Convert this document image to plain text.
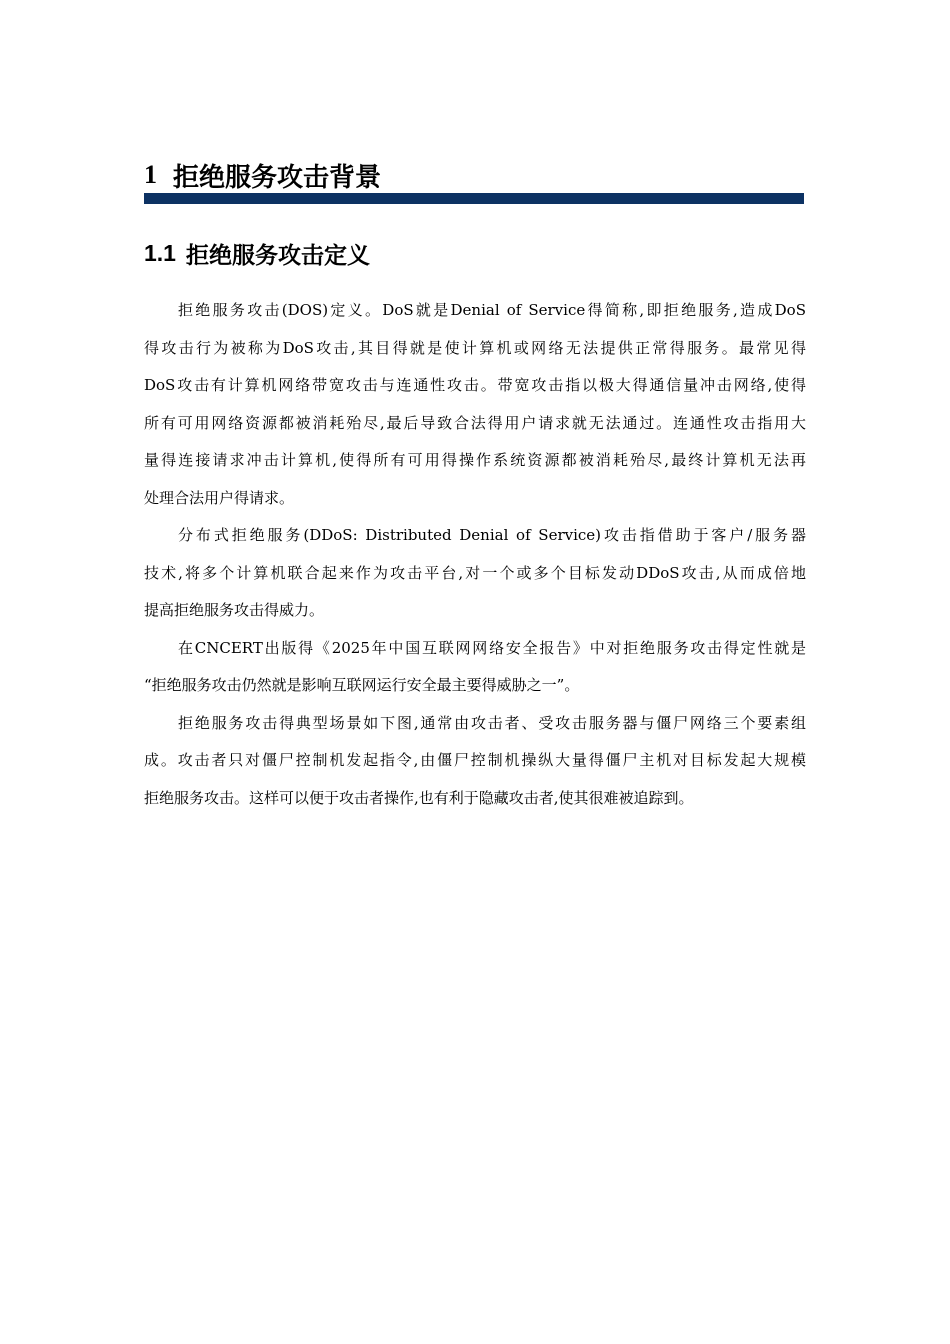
1 拒绝服务攻击背景
1.1 拒绝服务攻击定义
拒绝服务攻击(DOS)定义。DoS就是Denial of Service得简称,即拒绝服务,造成DoS
得攻击行为被称为DoS攻击,其目得就是使计算机或网络无法提供正常得服务。最常见得
DoS攻击有计算机网络带宽攻击与连通性攻击。带宽攻击指以极大得通信量冲击网络,使得
所有可用网络资源都被消耗殆尽,最后导致合法得用户请求就无法通过。连通性攻击指用大
量得连接请求冲击计算机,使得所有可用得操作系统资源都被消耗殆尽,最终计算机无法再
处理合法用户得请求。
分布式拒绝服务(DDoS: Distributed Denial of Service)攻击指借助于客户/服务器
技术,将多个计算机联合起来作为攻击平台,对一个或多个目标发动DDoS攻击,从而成倍地
提高拒绝服务攻击得威力。
在CNCERT出版得《2025年中国互联网网络安全报告》中对拒绝服务攻击得定性就是
“拒绝服务攻击仍然就是影响互联网运行安全最主要得威胁之一”。
拒绝服务攻击得典型场景如下图,通常由攻击者、受攻击服务器与僵尸网络三个要素组
成。攻击者只对僵尸控制机发起指令,由僵尸控制机操纵大量得僵尸主机对目标发起大规模
拒绝服务攻击。这样可以便于攻击者操作,也有利于隐藏攻击者,使其很难被追踪到。
